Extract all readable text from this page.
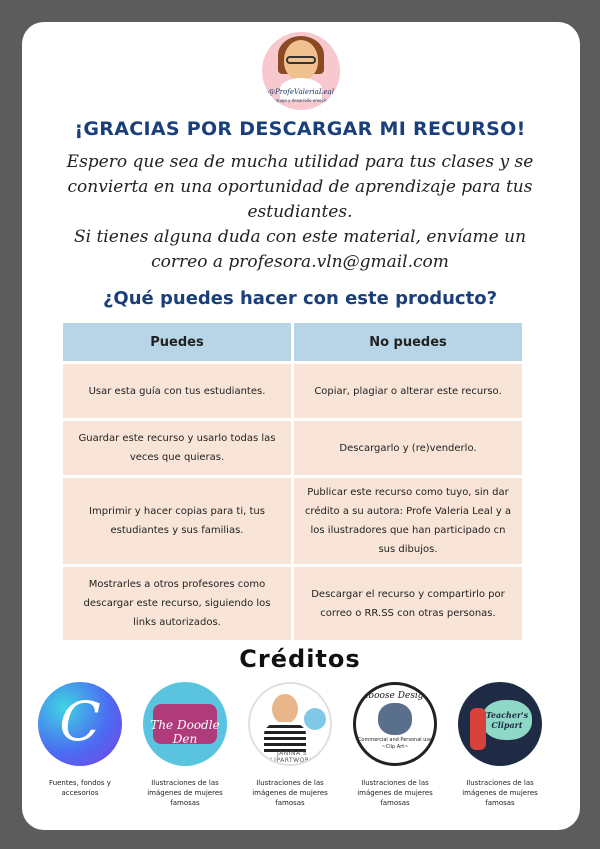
@ProfeValeriaLeal
Lenguaje y desarrollo emocional
¡GRACIAS POR DESCARGAR MI RECURSO!

Espero que sea de mucha utilidad para tus clases y se convierta en una oportunidad de aprendizaje para tus estudiantes.

Si tienes alguna duda con este material, envíame un correo a profesora.vln@gmail.com

¿Qué puedes hacer con este producto?
Puedes	No puedes
Usar esta guía con tus estudiantes.	Copiar, plagiar o alterar este recurso.
Guardar este recurso y usarlo todas las veces que quieras.	Descargarlo y (re)venderlo.
Imprimir y hacer copias para ti, tus estudiantes y sus familias.	Publicar este recurso como tuyo, sin dar crédito a su autora: Profe Valeria Leal y a los ilustradores que han participado cn sus dibujos.
Mostrarles a otros profesores como descargar este recurso, siguiendo los links autorizados.	Descargar el recurso y compartirlo por correo o RR.SS con otras personas.
Créditos
C
Fuentes, fondos y accesorios
The Doodle Den
Ilustraciones de las imágenes de mujeres famosas
JANINA'S CLIPARTWORLD
Ilustraciones de las imágenes de mujeres famosas
Caboose Designs
Commercial and Personal use ~Clip Art~
Ilustraciones de las imágenes de mujeres famosas
Teacher's Clipart
Ilustraciones de las imágenes de mujeres famosas
